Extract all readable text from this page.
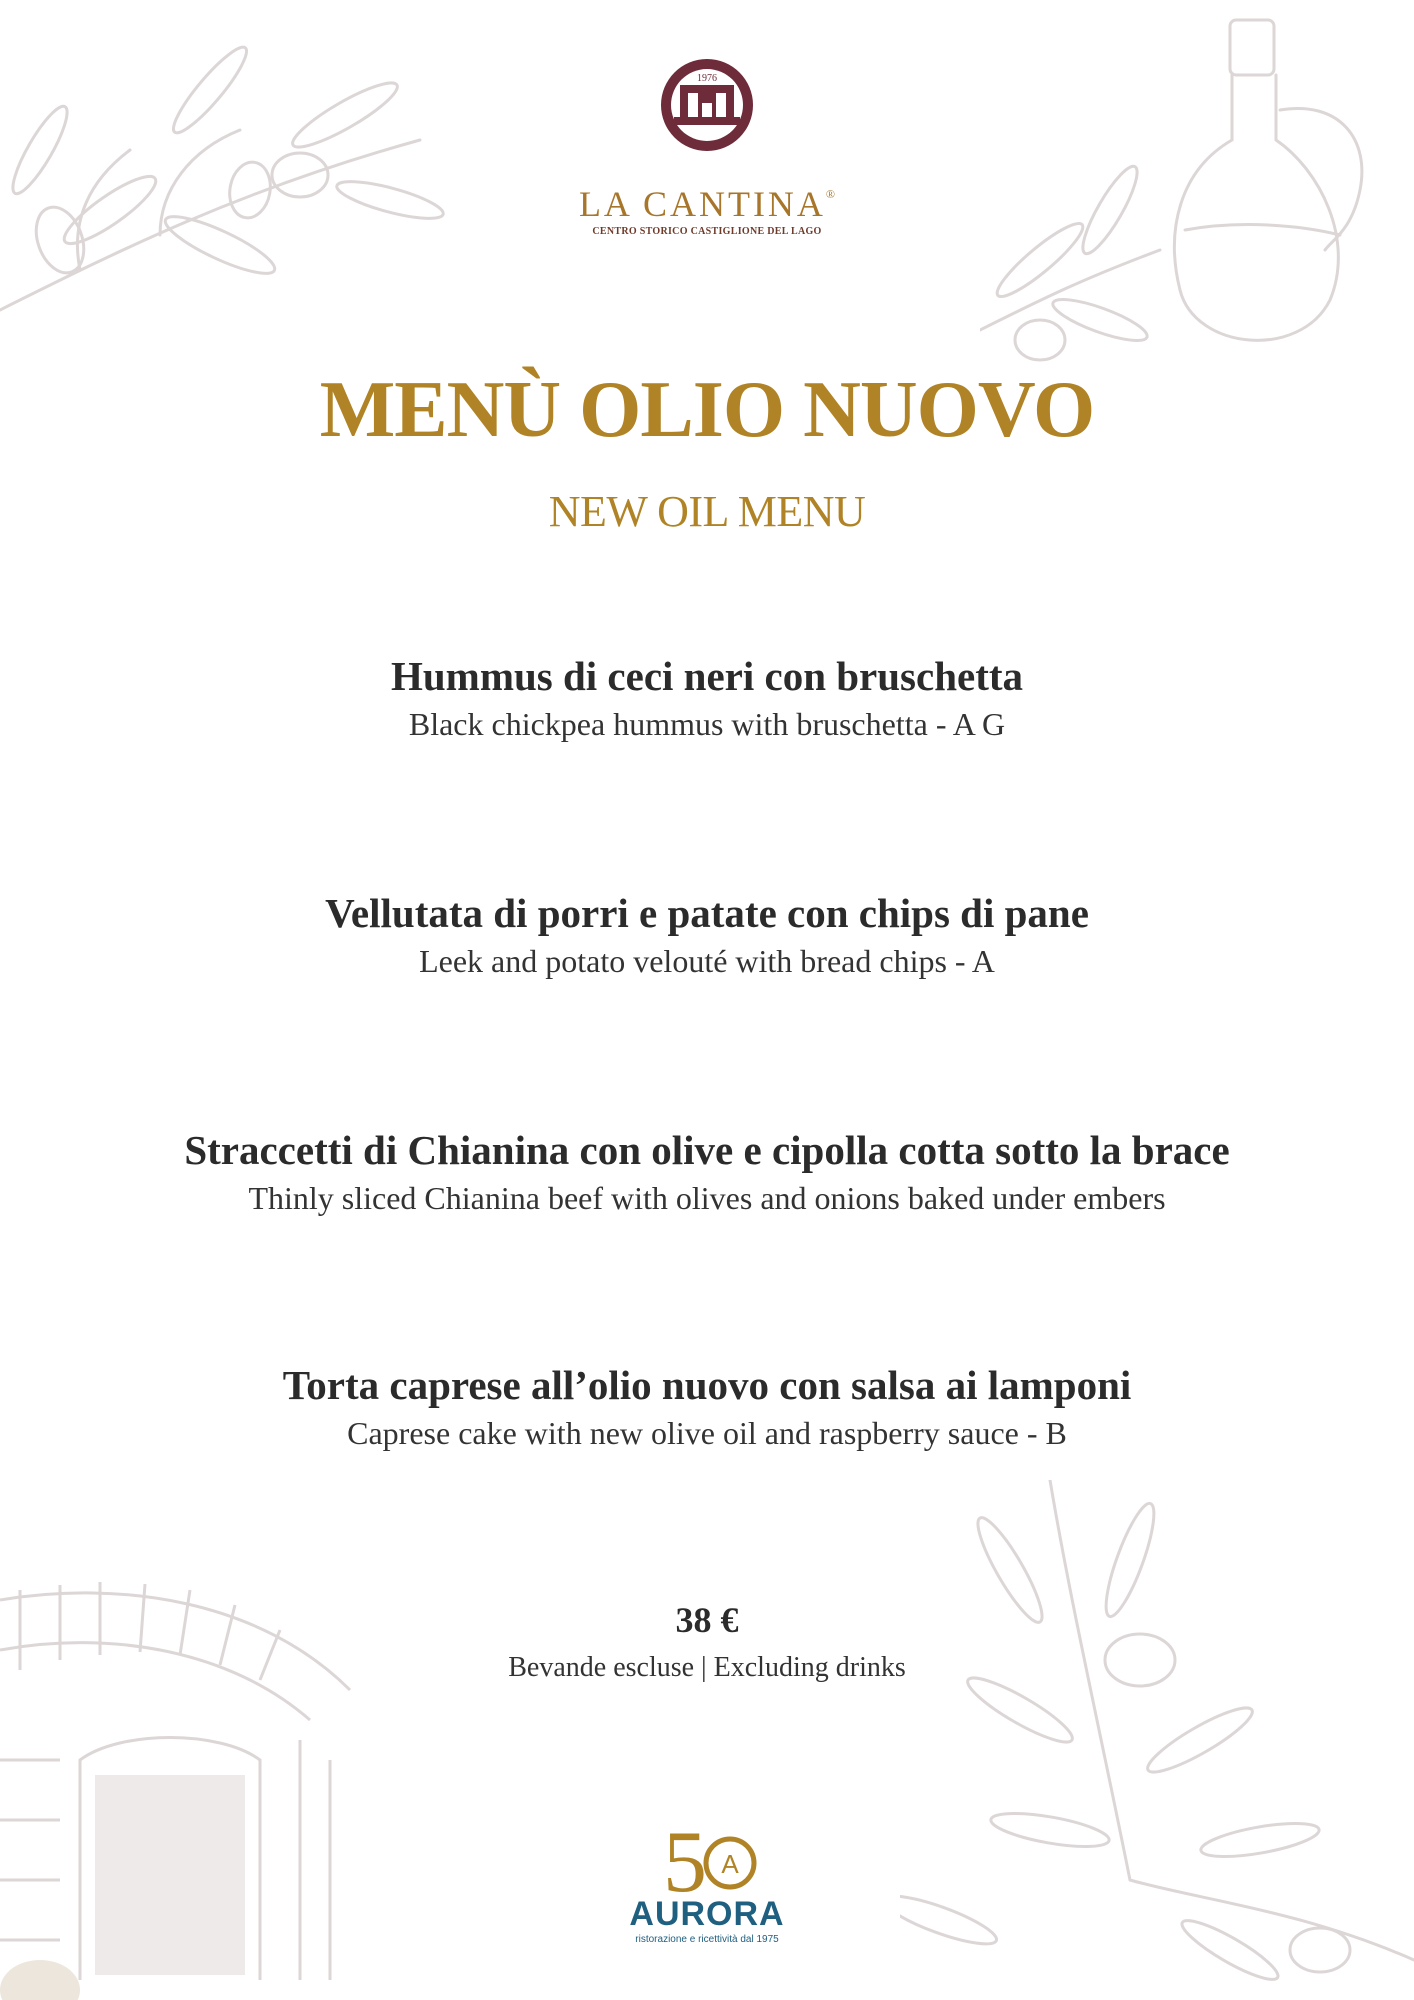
1976
LA CANTINA®
CENTRO STORICO CASTIGLIONE DEL LAGO
MENÙ OLIO NUOVO
NEW OIL MENU
Hummus di ceci neri con bruschetta
Black chickpea hummus with bruschetta - A G
Vellutata di porri e patate con chips di pane
Leek and potato velouté with bread chips - A
Straccetti di Chianina con olive e cipolla cotta sotto la brace
Thinly sliced Chianina beef with olives and onions baked under embers
Torta caprese all’olio nuovo con salsa ai lamponi
Caprese cake with new olive oil and raspberry sauce - B
38 €
Bevande escluse | Excluding drinks
5 A
AURORA
ristorazione e ricettività dal 1975
